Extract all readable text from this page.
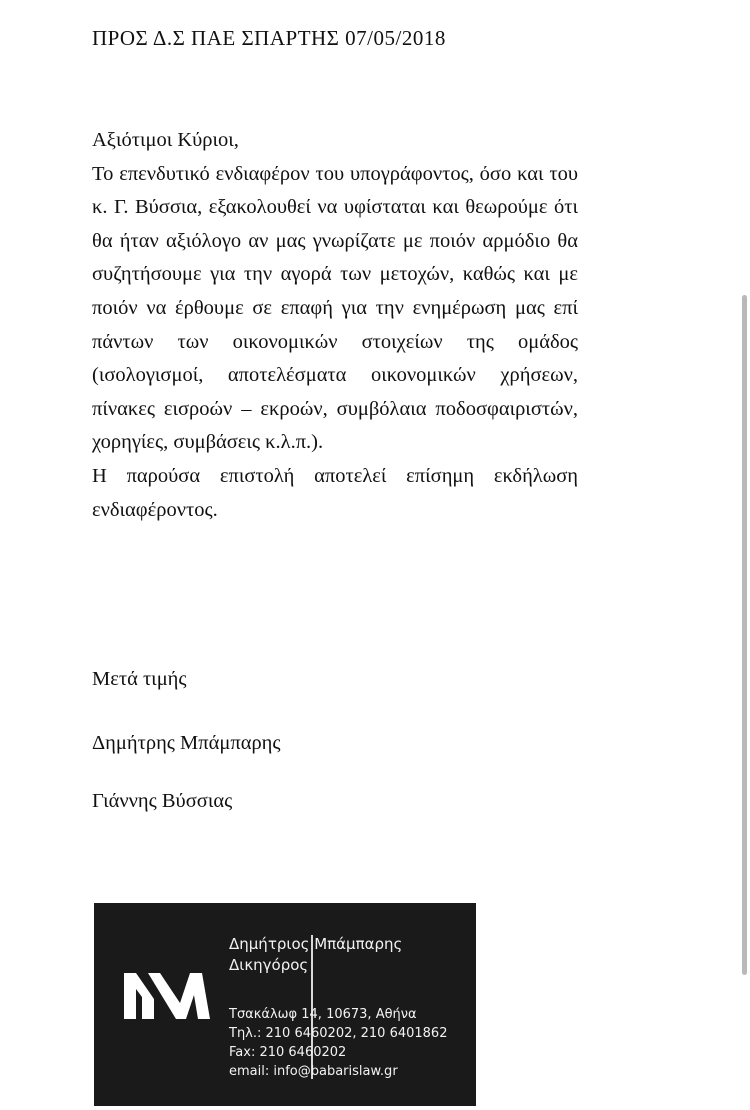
ΠΡΟΣ Δ.Σ ΠΑΕ ΣΠΑΡΤΗΣ 07/05/2018

Αξιότιμοι Κύριοι,

Το επενδυτικό ενδιαφέρον του υπογράφοντος, όσο και του κ. Γ. Βύσσια, εξακολουθεί να υφίσταται και θεωρούμε ότι θα ήταν αξιόλογο αν μας γνωρίζατε με ποιόν αρμόδιο θα συζητήσουμε για την αγορά των μετοχών, καθώς και με ποιόν να έρθουμε σε επαφή για την ενημέρωση μας επί πάντων των οικονομικών στοιχείων της ομάδος (ισολογισμοί, αποτελέσματα οικονομικών χρήσεων, πίνακες εισροών – εκροών, συμβόλαια ποδοσφαιριστών, χορηγίες, συμβάσεις κ.λ.π.).

Η παρούσα επιστολή αποτελεί επίσημη εκδήλωση ενδιαφέροντος.

Μετά τιμής
Δημήτρης Μπάμπαρης
Γιάννης Βύσσιας
Δημήτριος Μπάμπαρης
Δικηγόρος
Τσακάλωφ 14, 10673, Αθήνα
Τηλ.: 210 6460202, 210 6401862
Fax: 210 6460202
email: info@babarislaw.gr
